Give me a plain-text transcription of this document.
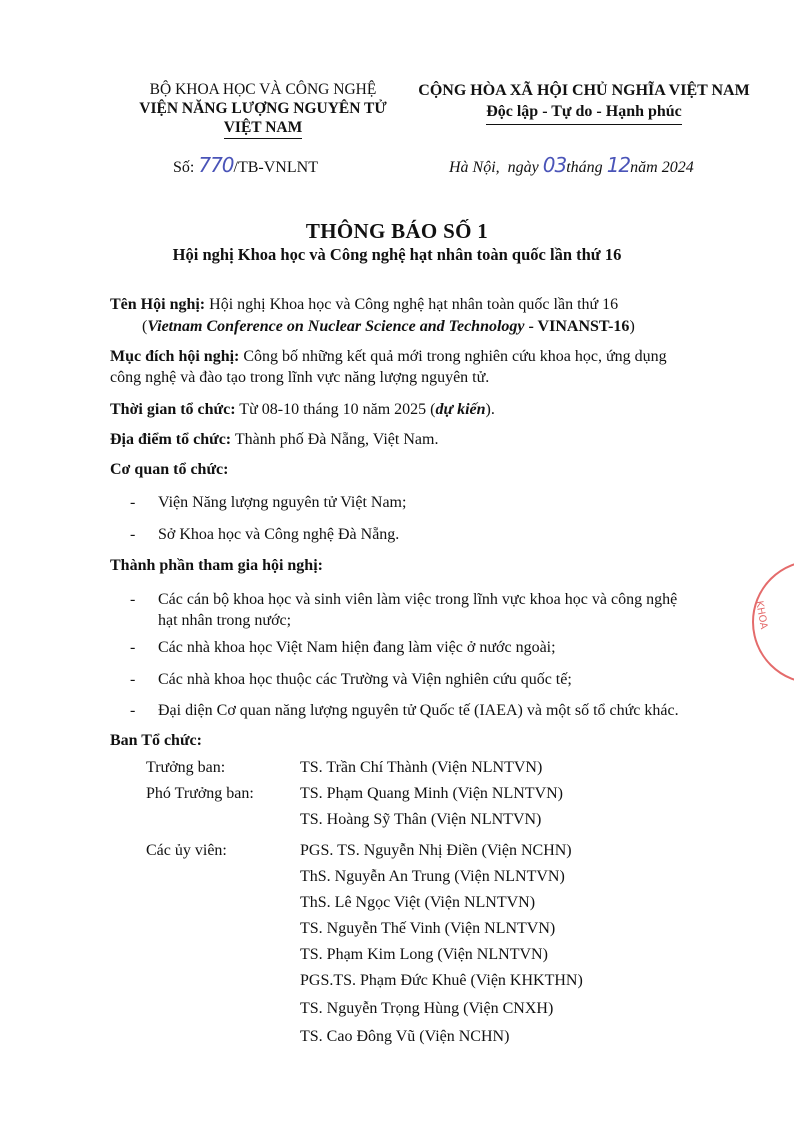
BỘ KHOA HỌC VÀ CÔNG NGHỆ
VIỆN NĂNG LƯỢNG NGUYÊN TỬ
VIỆT NAM
CỘNG HÒA XÃ HỘI CHỦ NGHĨA VIỆT NAM
Độc lập - Tự do - Hạnh phúc
Số: 770/TB-VNLNT	Hà Nội, ngày 03tháng 12năm 2024
THÔNG BÁO SỐ 1
Hội nghị Khoa học và Công nghệ hạt nhân toàn quốc lần thứ 16
Tên Hội nghị: Hội nghị Khoa học và Công nghệ hạt nhân toàn quốc lần thứ 16
(Vietnam Conference on Nuclear Science and Technology - VINANST-16)
Mục đích hội nghị: Công bố những kết quả mới trong nghiên cứu khoa học, ứng dụng
công nghệ và đào tạo trong lĩnh vực năng lượng nguyên tử.
Thời gian tổ chức: Từ 08-10 tháng 10 năm 2025 (dự kiến).
Địa điểm tổ chức: Thành phố Đà Nẵng, Việt Nam.
Cơ quan tổ chức:
- Viện Năng lượng nguyên tử Việt Nam;
- Sở Khoa học và Công nghệ Đà Nẵng.
Thành phần tham gia hội nghị:
- Các cán bộ khoa học và sinh viên làm việc trong lĩnh vực khoa học và công nghệ
hạt nhân trong nước;
- Các nhà khoa học Việt Nam hiện đang làm việc ở nước ngoài;
- Các nhà khoa học thuộc các Trường và Viện nghiên cứu quốc tế;
- Đại diện Cơ quan năng lượng nguyên tử Quốc tế (IAEA) và một số tổ chức khác.
Ban Tổ chức:
Trưởng ban:	TS. Trần Chí Thành (Viện NLNTVN)
Phó Trưởng ban:	TS. Phạm Quang Minh (Viện NLNTVN)
TS. Hoàng Sỹ Thân (Viện NLNTVN)
Các ủy viên:	PGS. TS. Nguyễn Nhị Điền (Viện NCHN)
ThS. Nguyễn An Trung (Viện NLNTVN)
ThS. Lê Ngọc Việt (Viện NLNTVN)
TS. Nguyễn Thế Vinh (Viện NLNTVN)
TS. Phạm Kim Long (Viện NLNTVN)
PGS.TS. Phạm Đức Khuê (Viện KHKTHN)
TS. Nguyễn Trọng Hùng (Viện CNXH)
TS. Cao Đông Vũ (Viện NCHN)
KHOA
